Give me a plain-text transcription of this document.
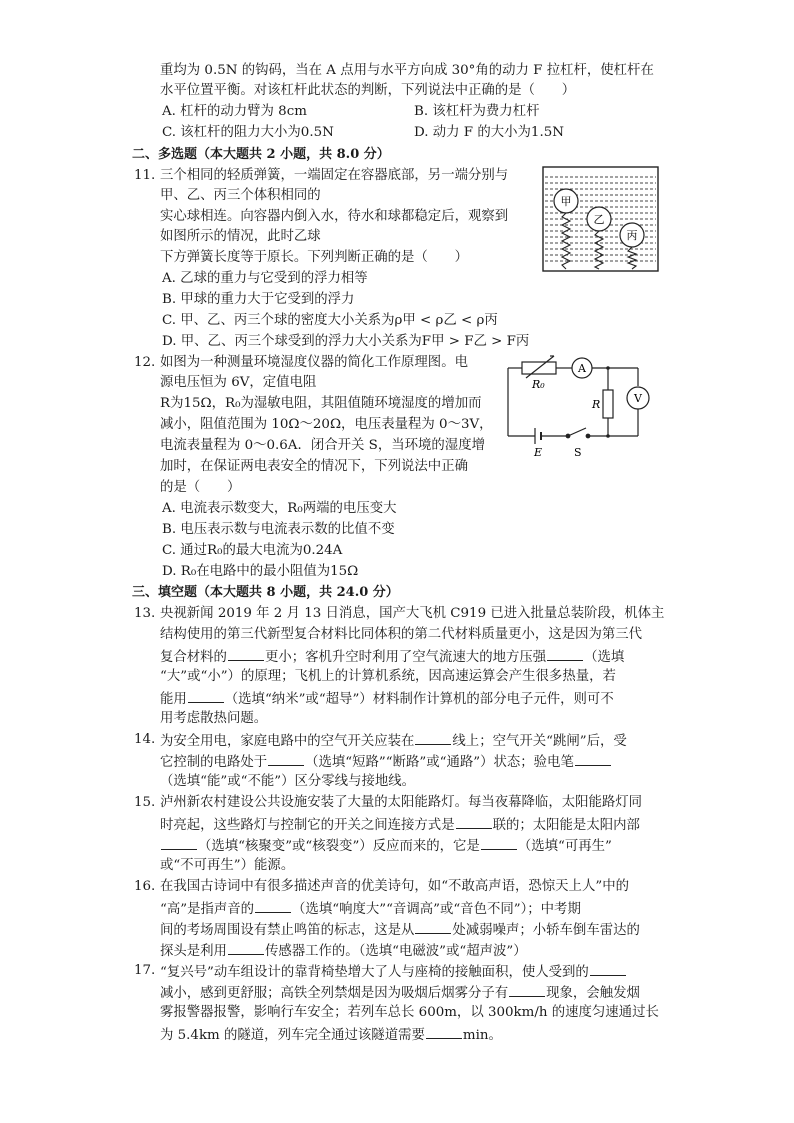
重均为 0.5N 的钩码，当在 A 点用与水平方向成 30°角的动力 F 拉杠杆，使杠杆在
水平位置平衡。对该杠杆此状态的判断，下列说法中正确的是（　　）
A. 杠杆的动力臂为 8cm	B. 该杠杆为费力杠杆
C. 该杠杆的阻力大小为0.5N	D. 动力 F 的大小为1.5N
二、多选题（本大题共 2 小题，共 8.0 分）
11. 三个相同的轻质弹簧，一端固定在容器底部，另一端分别与
甲、乙、丙三个体积相同的
实心球相连。向容器内倒入水，待水和球都稳定后，观察到
如图所示的情况，此时乙球
下方弹簧长度等于原长。下列判断正确的是（　　）
A. 乙球的重力与它受到的浮力相等
B. 甲球的重力大于它受到的浮力
C. 甲、乙、丙三个球的密度大小关系为ρ甲 < ρ乙 < ρ丙
D. 甲、乙、丙三个球受到的浮力大小关系为F甲 > F乙 > F丙
甲
乙
丙
12. 如图为一种测量环境湿度仪器的简化工作原理图。电
源电压恒为 6V，定值电阻
R为15Ω，R₀为湿敏电阻，其阻值随环境湿度的增加而
减小，阻值范围为 10Ω～20Ω，电压表量程为 0～3V，
电流表量程为 0～0.6A．闭合开关 S，当环境的湿度增
加时，在保证两电表安全的情况下，下列说法中正确
的是（　　）
A. 电流表示数变大，R₀两端的电压变大
B. 电压表示数与电流表示数的比值不变
C. 通过R₀的最大电流为0.24A
D. R₀在电路中的最小阻值为15Ω
R₀
A
R	V
E	S
三、填空题（本大题共 8 小题，共 24.0 分）
13. 央视新闻 2019 年 2 月 13 日消息，国产大飞机 C919 已进入批量总装阶段，机体主
结构使用的第三代新型复合材料比同体积的第二代材料质量更小，这是因为第三代
复合材料的	更小；客机升空时利用了空气流速大的地方压强	（选填
“大”或“小”）的原理；飞机上的计算机系统，因高速运算会产生很多热量，若
能用	（选填“纳米”或“超导”）材料制作计算机的部分电子元件，则可不
用考虑散热问题。
14. 为安全用电，家庭电路中的空气开关应装在	线上；空气开关“跳闸”后，受
它控制的电路处于	（选填“短路”“断路”或“通路”）状态；验电笔
（选填“能”或“不能”）区分零线与接地线。
15. 泸州新农村建设公共设施安装了大量的太阳能路灯。每当夜幕降临，太阳能路灯同
时亮起，这些路灯与控制它的开关之间连接方式是	联的；太阳能是太阳内部
（选填“核聚变”或“核裂变”）反应而来的，它是	（选填“可再生”
或“不可再生”）能源。
16. 在我国古诗词中有很多描述声音的优美诗句，如“不敢高声语，恐惊天上人”中的
“高”是指声音的	（选填“响度大”“音调高”或“音色不同”）；中考期
间的考场周围设有禁止鸣笛的标志，这是从	处减弱噪声；小轿车倒车雷达的
探头是利用	传感器工作的。（选填“电磁波”或“超声波”）
17. “复兴号”动车组设计的靠背椅垫增大了人与座椅的接触面积，使人受到的
减小，感到更舒服；高铁全列禁烟是因为吸烟后烟雾分子有	现象，会触发烟
雾报警器报警，影响行车安全；若列车总长 600m，以 300km/h 的速度匀速通过长
为 5.4km 的隧道，列车完全通过该隧道需要	min。
